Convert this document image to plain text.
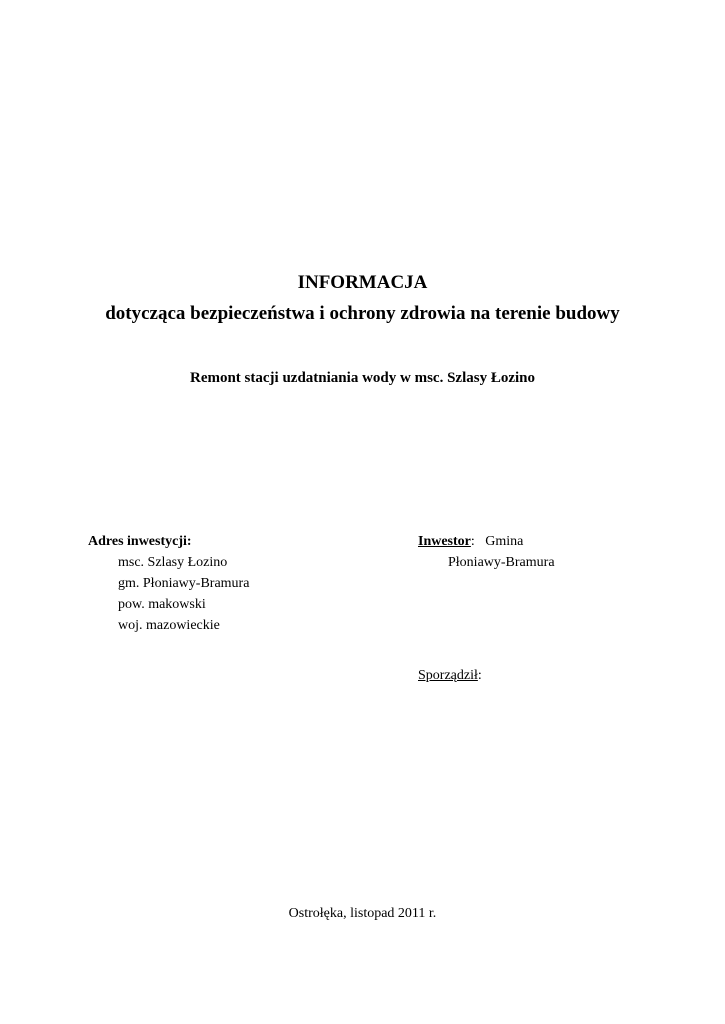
INFORMACJA
dotycząca bezpieczeństwa i ochrony zdrowia na terenie budowy
Remont stacji uzdatniania wody w msc. Szlasy Łozino
Adres inwestycji:
msc. Szlasy Łozino
gm. Płoniawy-Bramura
pow. makowski
woj. mazowieckie
Inwestor: Gmina
Płoniawy-Bramura
Sporządził:
Ostrołęka, listopad 2011 r.
